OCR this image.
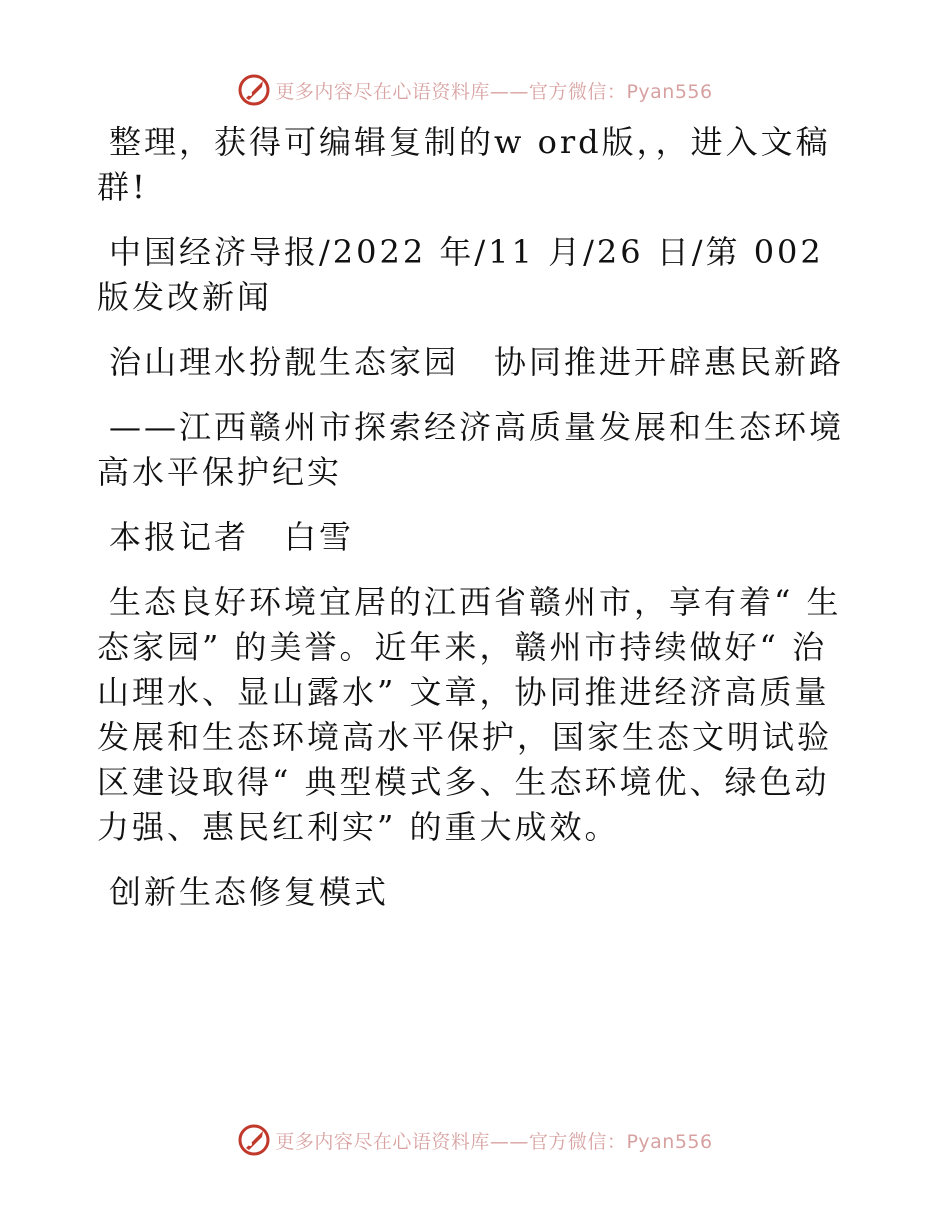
更多内容尽在心语资料库——官方微信：Pyan556

整理，获得可编辑复制的w ord版，，进入文稿群!

中国经济导报/2022 年/11 月/26 日/第 002 版发改新闻

治山理水扮靓生态家园　协同推进开辟惠民新路

——江西赣州市探索经济高质量发展和生态环境高水平保护纪实

本报记者　白雪

生态良好环境宜居的江西省赣州市，享有着“ 生态家园” 的美誉。近年来，赣州市持续做好“ 治山理水、显山露水” 文章，协同推进经济高质量发展和生态环境高水平保护，国家生态文明试验区建设取得“ 典型模式多、生态环境优、绿色动力强、惠民红利实” 的重大成效。

创新生态修复模式

更多内容尽在心语资料库——官方微信：Pyan556
